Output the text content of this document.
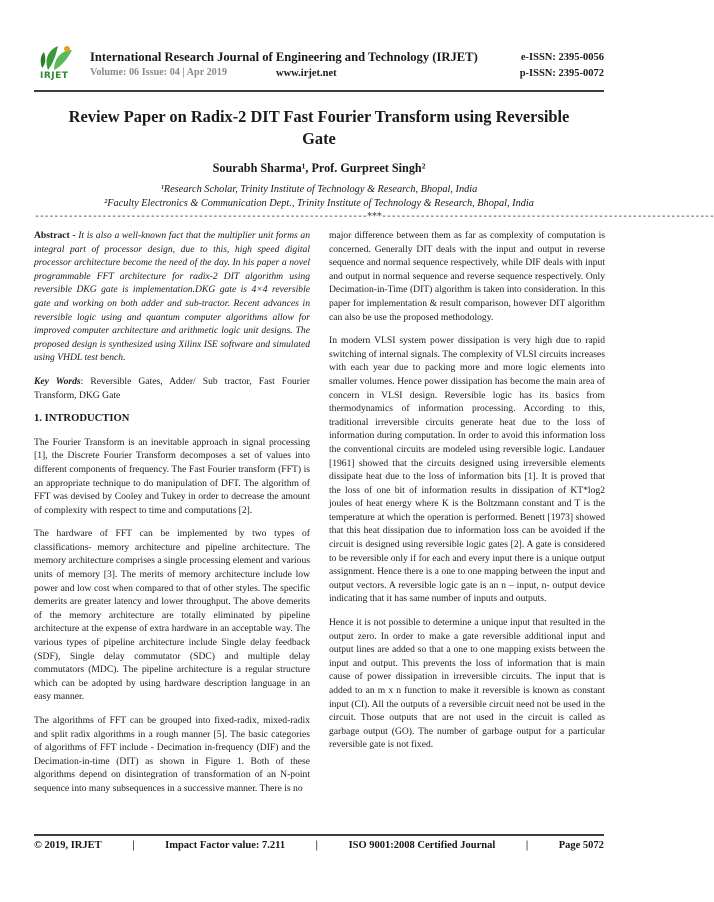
IRJET
International Research Journal of Engineering and Technology (IRJET)	e-ISSN: 2395-0056
Volume: 06 Issue: 04 | Apr 2019	www.irjet.net	p-ISSN: 2395-0072
Review Paper on Radix-2 DIT Fast Fourier Transform using Reversible Gate
Sourabh Sharma¹, Prof. Gurpreet Singh²
¹Research Scholar, Trinity Institute of Technology & Research, Bhopal, India
²Faculty Electronics & Communication Dept., Trinity Institute of Technology & Research, Bhopal, India
---------------------------------------------------------------------***---------------------------------------------------------------------

Abstract - It is also a well-known fact that the multiplier unit forms an integral part of processor design, due to this, high speed digital processor architecture become the need of the day. In his paper a novel programmable FFT architecture for radix-2 DIT algorithm using reversible DKG gate is implementation.DKG gate is 4×4 reversible gate and working on both adder and sub-tractor. Recent advances in reversible logic using and quantum computer algorithms allow for improved computer architecture and arithmetic logic unit designs. The proposed design is synthesized using Xilinx ISE software and simulated using VHDL test bench.

Key Words: Reversible Gates, Adder/ Sub tractor, Fast Fourier Transform, DKG Gate

1. INTRODUCTION

The Fourier Transform is an inevitable approach in signal processing [1], the Discrete Fourier Transform decomposes a set of values into different components of frequency. The Fast Fourier transform (FFT) is an appropriate technique to do manipulation of DFT. The algorithm of FFT was devised by Cooley and Tukey in order to decrease the amount of complexity with respect to time and computations [2].

The hardware of FFT can be implemented by two types of classifications- memory architecture and pipeline architecture. The memory architecture comprises a single processing element and various units of memory [3]. The merits of memory architecture include low power and low cost when compared to that of other styles. The specific demerits are greater latency and lower throughput. The above demerits of the memory architecture are totally eliminated by pipeline architecture at the expense of extra hardware in an acceptable way. The various types of pipeline architecture include Single delay feedback (SDF), Single delay commutator (SDC) and multiple delay commutators (MDC). The pipeline architecture is a regular structure which can be adopted by using hardware description language in an easy manner.

The algorithms of FFT can be grouped into fixed-radix, mixed-radix and split radix algorithms in a rough manner [5]. The basic categories of algorithms of FFT include - Decimation in-frequency (DIF) and the Decimation-in-time (DIT) as shown in Figure 1. Both of these algorithms depend on disintegration of transformation of an N-point sequence into many subsequences in a successive manner. There is no

major difference between them as far as complexity of computation is concerned. Generally DIT deals with the input and output in reverse sequence and normal sequence respectively, while DIF deals with input and output in normal sequence and reverse sequence respectively. Only Decimation-in-Time (DIT) algorithm is taken into consideration. In this paper for implementation & result comparison, however DIT algorithm can also be use the proposed methodology.

In modern VLSI system power dissipation is very high due to rapid switching of internal signals. The complexity of VLSI circuits increases with each year due to packing more and more logic elements into smaller volumes. Hence power dissipation has become the main area of concern in VLSI design. Reversible logic has its basics from thermodynamics of information processing. According to this, traditional irreversible circuits generate heat due to the loss of information during computation. In order to avoid this information loss the conventional circuits are modeled using reversible logic. Landauer [1961] showed that the circuits designed using irreversible elements dissipate heat due to the loss of information bits [1]. It is proved that the loss of one bit of information results in dissipation of KT*log2 joules of heat energy where K is the Boltzmann constant and T is the temperature at which the operation is performed. Benett [1973] showed that this heat dissipation due to information loss can be avoided if the circuit is designed using reversible logic gates [2]. A gate is considered to be reversible only if for each and every input there is a unique output assignment. Hence there is a one to one mapping between the input and output vectors. A reversible logic gate is an n – input, n- output device indicating that it has same number of inputs and outputs.

Hence it is not possible to determine a unique input that resulted in the output zero. In order to make a gate reversible additional input and output lines are added so that a one to one mapping exists between the input and output. This prevents the loss of information that is main cause of power dissipation in irreversible circuits. The input that is added to an m x n function to make it reversible is known as constant input (CI). All the outputs of a reversible circuit need not be used in the circuit. Those outputs that are not used in the circuit is called as garbage output (GO). The number of garbage output for a particular reversible gate is not fixed.

© 2019, IRJET	|	Impact Factor value: 7.211	|	ISO 9001:2008 Certified Journal	|	Page 5072
